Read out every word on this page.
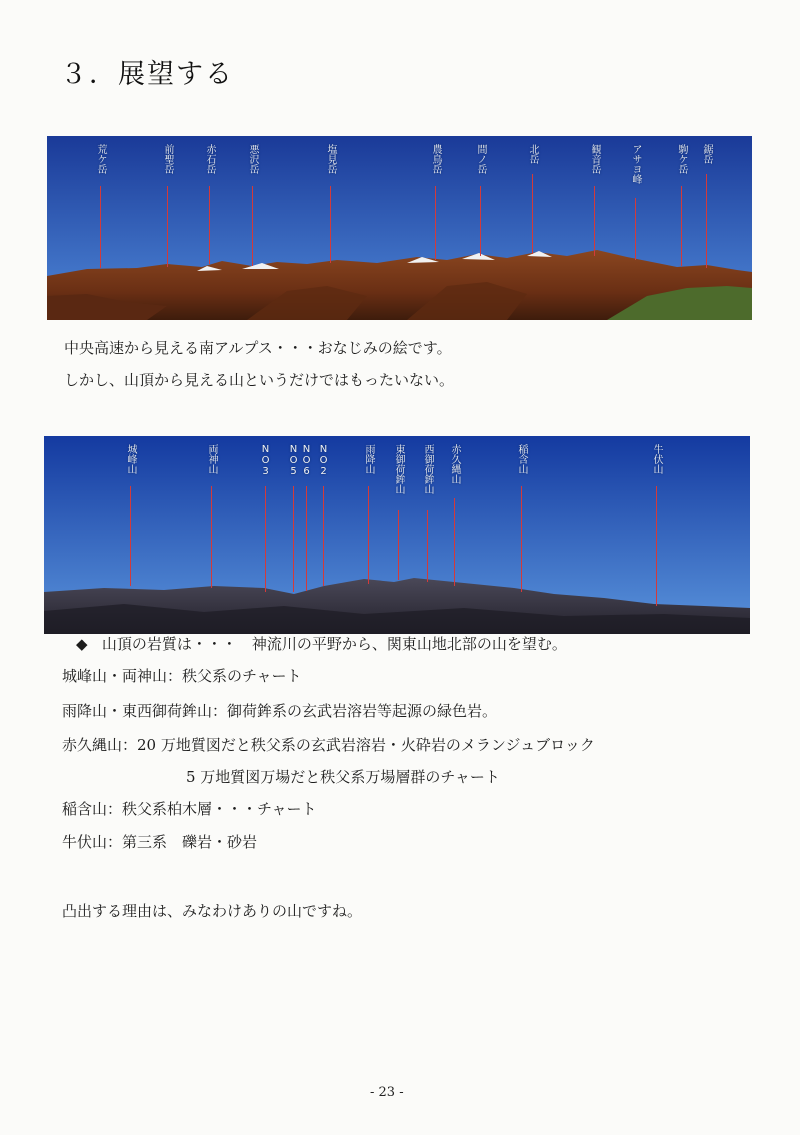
３．展望する
荒ケ岳	前聖岳	赤石岳	悪沢岳	塩見岳	農鳥岳	間ノ岳	北岳	観音岳	アサヨ峰	駒ケ岳 鋸岳
中央高速から見える南アルプス・・・おなじみの絵です。
しかし、山頂から見える山というだけではもったいない。
城峰山	両神山	NO3 NO5 NO6 NO2	雨降山 東御荷鉾山 西御荷鉾山 赤久縄山	稲含山	牛伏山
◆ 山頂の岩質は・・・　神流川の平野から、関東山地北部の山を望む。
城峰山・両神山：秩父系のチャート
雨降山・東西御荷鉾山：御荷鉾系の玄武岩溶岩等起源の緑色岩。
赤久縄山：20 万地質図だと秩父系の玄武岩溶岩・火砕岩のメランジュブロック
5 万地質図万場だと秩父系万場層群のチャート
稲含山：秩父系柏木層・・・チャート
牛伏山：第三系　礫岩・砂岩
凸出する理由は、みなわけありの山ですね。
- 23 -
